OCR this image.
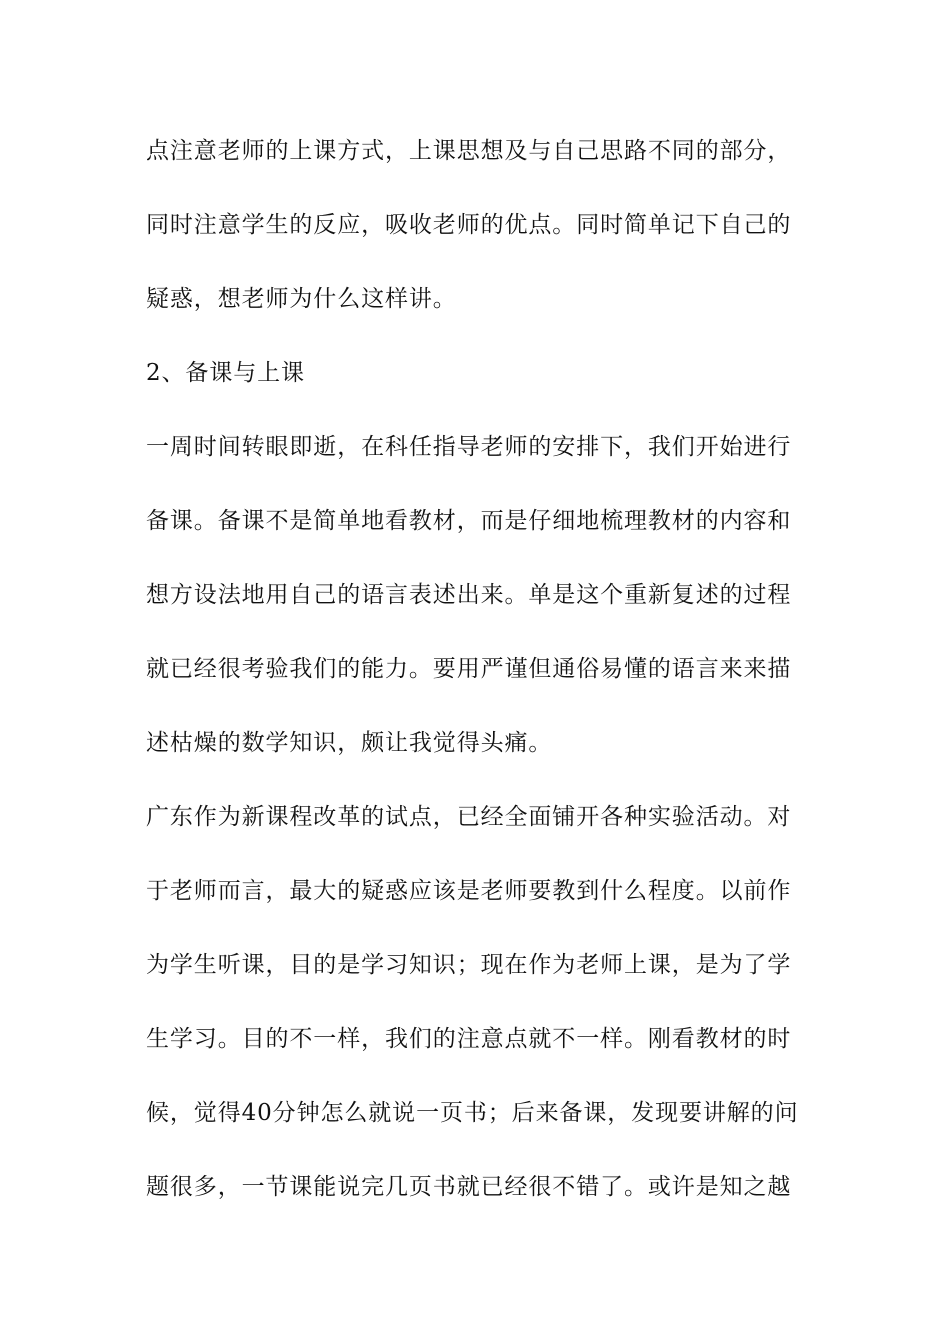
点注意老师的上课方式，上课思想及与自己思路不同的部分，
同时注意学生的反应，吸收老师的优点。同时简单记下自己的
疑惑，想老师为什么这样讲。
2、备课与上课
一周时间转眼即逝，在科任指导老师的安排下，我们开始进行
备课。备课不是简单地看教材，而是仔细地梳理教材的内容和
想方设法地用自己的语言表述出来。单是这个重新复述的过程
就已经很考验我们的能力。要用严谨但通俗易懂的语言来来描
述枯燥的数学知识，颇让我觉得头痛。
广东作为新课程改革的试点，已经全面铺开各种实验活动。对
于老师而言，最大的疑惑应该是老师要教到什么程度。以前作
为学生听课，目的是学习知识；现在作为老师上课，是为了学
生学习。目的不一样，我们的注意点就不一样。刚看教材的时
候，觉得40分钟怎么就说一页书；后来备课，发现要讲解的问
题很多，一节课能说完几页书就已经很不错了。或许是知之越
